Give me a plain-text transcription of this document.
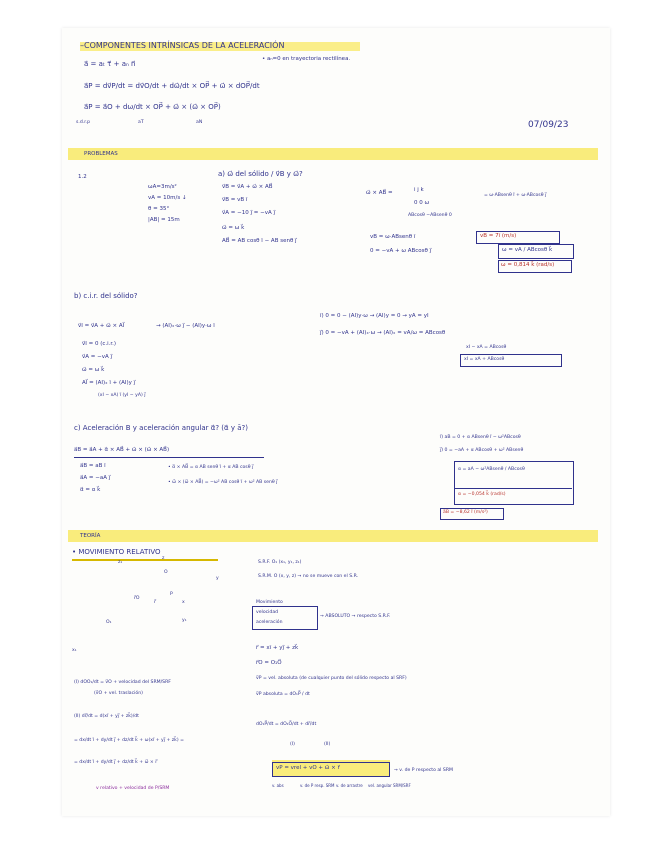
–COMPONENTES INTRÍNSICAS DE LA ACELERACIÓN
a⃗ = aₜ τ⃗ + aₙ n⃗
• aₙ=0 en trayectoria rectilínea.
a⃗P = dv⃗P/dt = dv⃗O/dt + dω⃗/dt × OP⃗ + ω⃗ × dOP⃗/dt
a⃗P = a⃗O + dω/dt × OP⃗ + ω⃗ × (ω⃗ × OP⃗)
s.d.r.p	aT	aN	07/09/23
PROBLEMAS
1.2
ωA=3m/s²
vA = 10m/s ↓
θ = 35°
|AB| = 15m
a) ω⃗ del sólido / v⃗B y ω⃗?
v⃗B = v⃗A + ω⃗ × AB⃗
v⃗B = vB ĩ
v⃗A = −10 j⃗ = −vA j⃗
ω⃗ = ω k⃗
AB⃗ = AB cosθ ĩ − AB senθ j⃗
ω⃗ × AB⃗ =	i j k
0 0 ω
ABcosθ −ABsenθ 0
= ω·ABsenθ ĩ + ω·ABcosθ j⃗
vB = ω·ABsenθ ĩ
0 = −vA + ω ABcosθ j⃗
vB = 7ĩ (m/s)
ω = vA / ABcosθ k⃗
ω = 0,814 k⃗ (rad/s)
b) c.i.r. del sólido?
v⃗I = v⃗A + ω⃗ × AI⃗	→ (AI)ₓ·ω j⃗ − (AI)y·ω ĩ
v⃗I = 0 (c.i.r.)
v⃗A = −vA j⃗
ω⃗ = ω k⃗
AI⃗ = (AI)ₓ ĩ + (AI)y j⃗
(xI − xA) ĩ (yI − yA) j⃗
ĩ) 0 = 0 − (AI)y·ω → (AI)y = 0 → yA = yI
j⃗) 0 = −vA + (AI)ₓ·ω → (AI)ₓ = vA/ω = ABcosθ
xI − xA = ABcosθ
xI = xA + ABcosθ
c) Aceleración B y aceleración angular α⃗? (α⃗ y ā?)
a⃗B = a⃗A + α⃗ × AB⃗ + ω⃗ × (ω⃗ × AB⃗)
a⃗B = aB ĩ
a⃗A = −aA j⃗
α⃗ = α k⃗
• α⃗ × AB⃗ = α AB senθ ĩ + α AB cosθ j⃗
• ω⃗ × (ω⃗ × AB⃗) = −ω² AB cosθ ĩ + ω² AB senθ j⃗
ĩ) aB = 0 + α ABsenθ ĩ − ω²ABcosθ
j⃗) 0 = −aA + α ABcosθ + ω² ABsenθ
α = aA − ω²ABsenθ / ABcosθ
α = −0,054 k⃗ (rad/s)
a⃗B = −8,62 ĩ (m/s²)
TEORÍA
• MOVIMIENTO RELATIVO
S.R.F. O₁ (x₁, y₁, z₁)
S.R.M. O (x, y, z) → no se mueve con el S.R.
O₁
z₁
y₁
x₁
O
z
y
x
P
r⃗O
r⃗	Movimiento
velocidad
aceleración
→ ABSOLUTO → respecto S.R.F.
r⃗ = xĩ + yj⃗ + zk⃗
r⃗O = O₁O⃗
v⃗P = vel. absoluta (de cualquier punto del sólido respecto al SRF)
v⃗P absoluta = dO₁P⃗ / dt
dO₁P⃗/dt = dO₁O⃗/dt + dr⃗/dt
(I)	(II)
(I) dOO₁/dt = v⃗O + velocidad del SRM/SRF
(v⃗O + vel. traslación)
(II) dr⃗/dt = d(xĩ + yj⃗ + zk⃗)/dt
= dx/dt ĩ + dy/dt j⃗ + dz/dt k⃗ + ω(xĩ + yj⃗ + zk⃗) =
= dx/dt ĩ + dy/dt j⃗ + dz/dt k⃗ + ω⃗ × r⃗
v relativo + velocidad de P/SRM
vP = vrel + vO + ω⃗ × r⃗	→ v. de P respecto al SRM
v. abs	v. de P resp. SRM v. de arrastre vel. angular SRM/SRF
